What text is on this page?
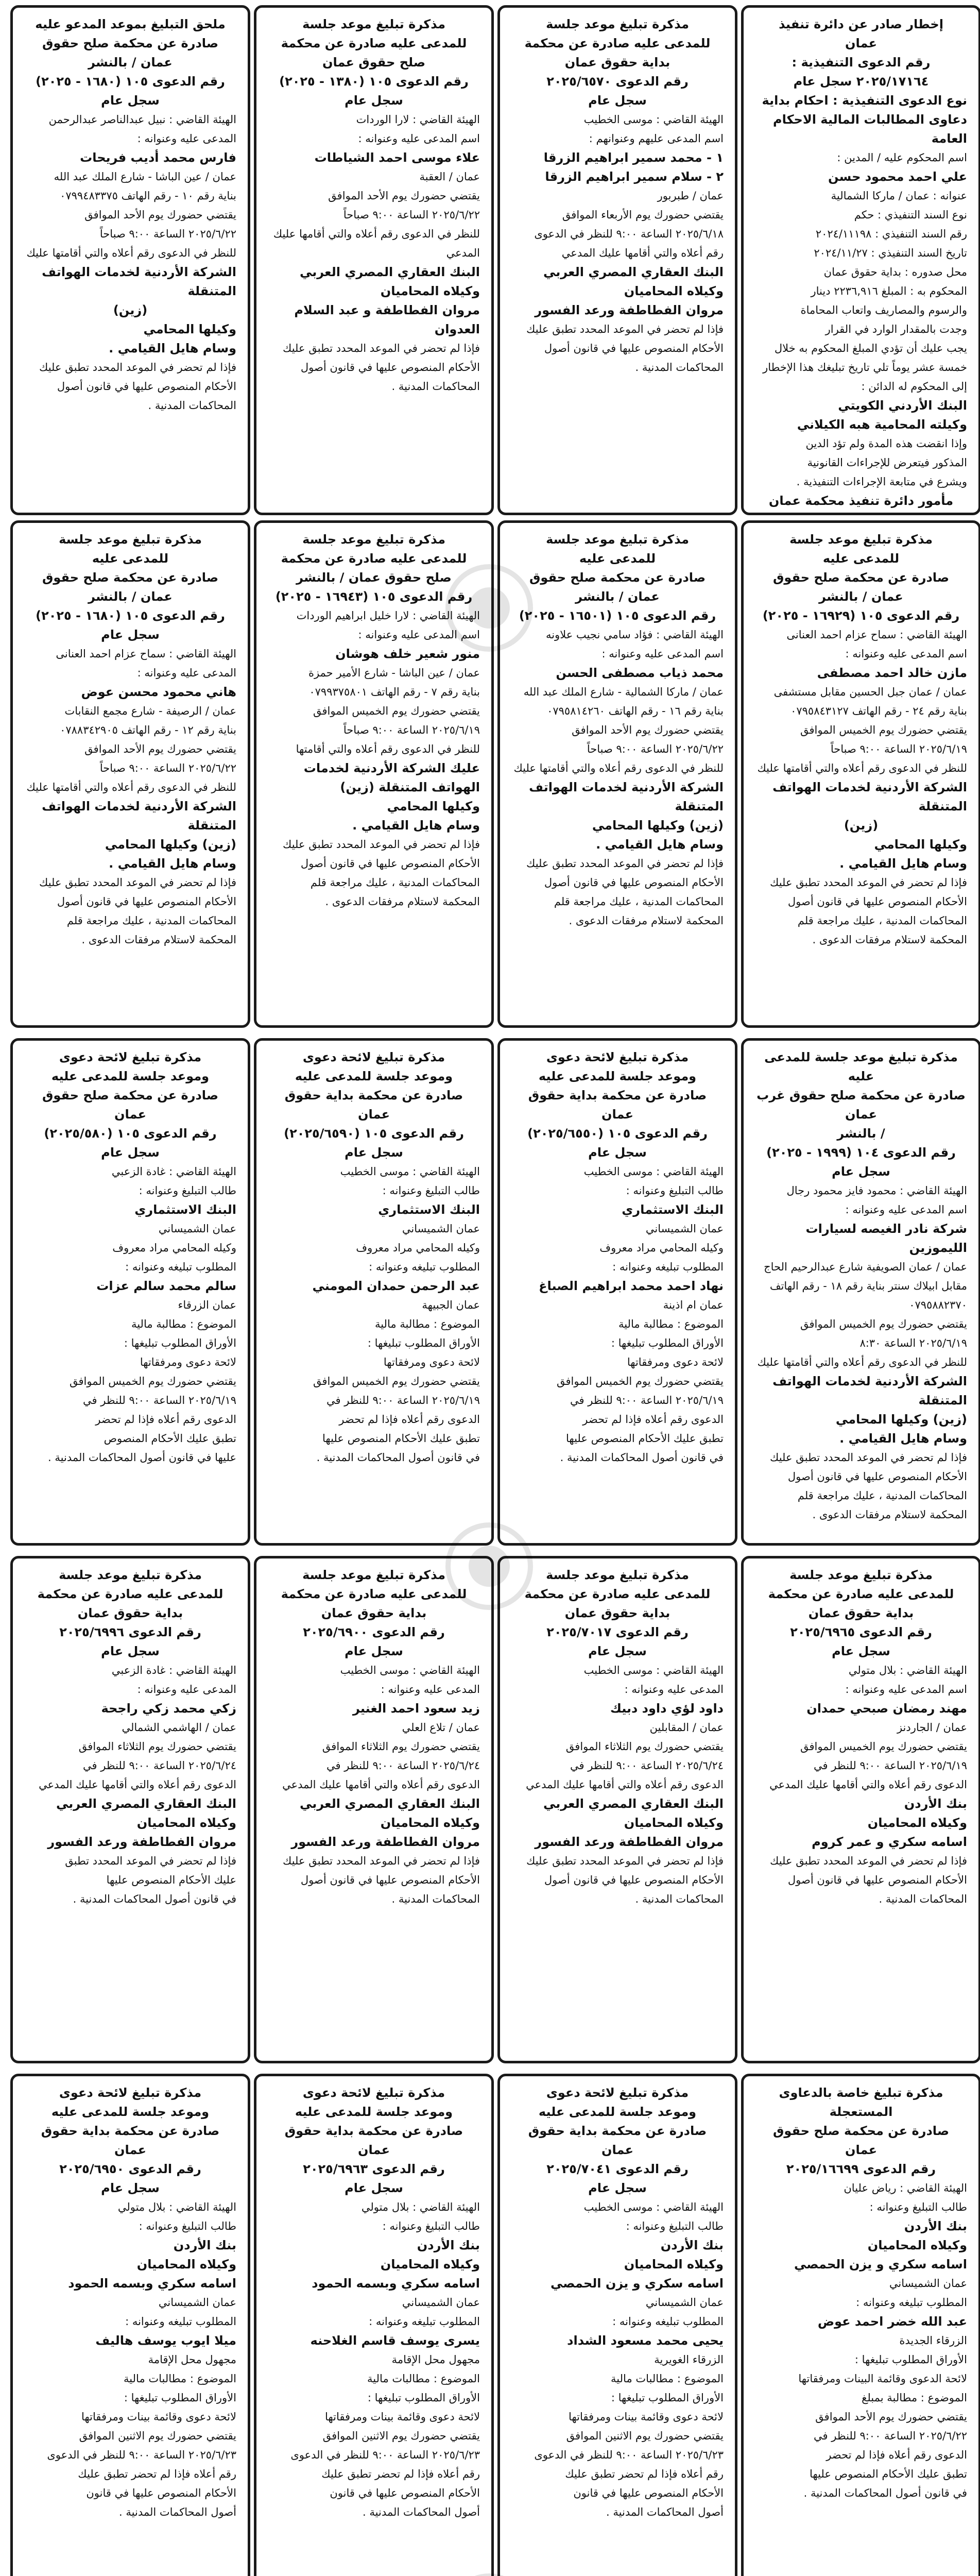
ملحق التبليغ بموعد المدعو عليه
صادرة عن محكمة صلح حقوق عمان / بالنشر
رقم الدعوى ١٠٥ (١٦٨٠ - ٢٠٢٥)
سجل عام
الهيئة القاضي : نبيل عبدالناصر عبدالرحمن
المدعى عليه وعنوانه :
فارس محمد أديب فريحات
عمان / عين الباشا - شارع الملك عبد الله
بناية رقم ١٠ - رقم الهاتف ٠٧٩٩٤٨٣٣٧٥
يقتضي حضورك يوم الأحد الموافق
٢٠٢٥/٦/٢٢ الساعة ٩:٠٠ صباحاً
للنظر في الدعوى رقم أعلاه والتي أقامتها عليك
الشركة الأردنية لخدمات الهواتف المتنقلة
(زين)
وكيلها المحامي
وسام هايل القيامي .
فإذا لم تحضر في الموعد المحدد تطبق عليك
الأحكام المنصوص عليها في قانون أصول
المحاكمات المدنية .
مذكرة تبليغ موعد جلسة
للمدعى عليه
صادرة عن محكمة صلح حقوق عمان / بالنشر
رقم الدعوى ١٠٥ (١٦٨٠ - ٢٠٢٥)
سجل عام
الهيئة القاضي : سماح عزام احمد العنانى
المدعى عليه وعنوانه :
هاني محمود محسن عوض
عمان / الرصيفة - شارع مجمع النقابات
بناية رقم ١٢ - رقم الهاتف ٠٧٨٨٣٤٢٩٠٥
يقتضي حضورك يوم الأحد الموافق
٢٠٢٥/٦/٢٢ الساعة ٩:٠٠ صباحاً
للنظر في الدعوى رقم أعلاه والتي أقامتها عليك
الشركة الأردنية لخدمات الهواتف المتنقلة
(زين) وكيلها المحامي
وسام هايل القيامي .
فإذا لم تحضر في الموعد المحدد تطبق عليك
الأحكام المنصوص عليها في قانون أصول
المحاكمات المدنية ، عليك مراجعة قلم
المحكمة لاستلام مرفقات الدعوى .
مذكرة تبليغ لائحة دعوى
وموعد جلسة للمدعى عليه
صادرة عن محكمة صلح حقوق عمان
رقم الدعوى ١٠٥ (٢٠٢٥/٥٨٠)
سجل عام
الهيئة القاضي : غادة الزعبي
طالب التبليغ وعنوانه :
البنك الاستثماري
عمان الشميساني
وكيله المحامي مراد معروف
المطلوب تبليغه وعنوانه :
سالم محمد سالم عزات
عمان الزرقاء
الموضوع : مطالبة مالية
الأوراق المطلوب تبليغها :
لائحة دعوى ومرفقاتها
يقتضي حضورك يوم الخميس الموافق
٢٠٢٥/٦/١٩ الساعة ٩:٠٠ للنظر في
الدعوى رقم أعلاه فإذا لم تحضر
تطبق عليك الأحكام المنصوص
عليها في قانون أصول المحاكمات المدنية .
مذكرة تبليغ موعد جلسة
للمدعى عليه صادرة عن محكمة
بداية حقوق عمان
رقم الدعوى ٢٠٢٥/٦٩٩٦
سجل عام
الهيئة القاضي : غادة الزعبي
المدعى عليه وعنوانه :
زكي محمد زكي راجحة
عمان / الهاشمي الشمالي
يقتضي حضورك يوم الثلاثاء الموافق
٢٠٢٥/٦/٢٤ الساعة ٩:٠٠ للنظر في
الدعوى رقم أعلاه والتي أقامها عليك المدعي
البنك العقاري المصري العربي
وكيلاه المحاميان
مروان الفطاطفة ورعد الفسور
فإذا لم تحضر في الموعد المحدد تطبق
عليك الأحكام المنصوص عليها
في قانون أصول المحاكمات المدنية .
مذكرة تبليغ لائحة دعوى
وموعد جلسة للمدعى عليه
صادرة عن محكمة بداية حقوق عمان
رقم الدعوى ٢٠٢٥/٦٩٥٠
سجل عام
الهيئة القاضي : بلال متولي
طالب التبليغ وعنوانه :
بنك الأردن
وكيلاه المحاميان
اسامه سكري وبسمه الحمود
عمان الشميساني
المطلوب تبليغه وعنوانه :
ميلا ايوب يوسف هاليف
مجهول محل الإقامة
الموضوع : مطالبات مالية
الأوراق المطلوب تبليغها :
لائحة دعوى وقائمة بينات ومرفقاتها
يقتضي حضورك يوم الاثنين الموافق
٢٠٢٥/٦/٢٣ الساعة ٩:٠٠ للنظر في الدعوى
رقم أعلاه فإذا لم تحضر تطبق عليك
الأحكام المنصوص عليها في قانون
أصول المحاكمات المدنية .
مذكرة تبليغ موعد جلسة
للمدعى عليه صادرة عن محكمة
صلح حقوق عمان
رقم الدعوى ١٠٥ (١٣٨٠ - ٢٠٢٥)
سجل عام
الهيئة القاضي : لارا الوردات
اسم المدعى عليه وعنوانه :
علاء موسى احمد الشياطات
عمان / العقبة
يقتضي حضورك يوم الأحد الموافق
٢٠٢٥/٦/٢٢ الساعة ٩:٠٠ صباحاً
للنظر في الدعوى رقم أعلاه والتي أقامها عليك المدعي
البنك العقاري المصري العربي
وكيلاه المحاميان
مروان الفطاطفة و عبد السلام العدوان
فإذا لم تحضر في الموعد المحدد تطبق عليك
الأحكام المنصوص عليها في قانون أصول
المحاكمات المدنية .
مذكرة تبليغ موعد جلسة
للمدعى عليه صادرة عن محكمة
صلح حقوق عمان / بالنشر
رقم الدعوى ١٠٥ (١٦٩٤٣ - ٢٠٢٥)
الهيئة القاضي : لارا خليل ابراهيم الوردات
اسم المدعى عليه وعنوانه :
منور شعير خلف هوشان
عمان / عين الباشا - شارع الأمير حمزة
بناية رقم ٧ - رقم الهاتف ٠٧٩٩٣٧٥٨٠١
يقتضي حضورك يوم الخميس الموافق
٢٠٢٥/٦/١٩ الساعة ٩:٠٠ صباحاً
للنظر في الدعوى رقم أعلاه والتي أقامتها
عليك الشركة الأردنية لخدمات
الهواتف المتنقلة (زين)
وكيلها المحامي
وسام هايل القيامي .
فإذا لم تحضر في الموعد المحدد تطبق عليك
الأحكام المنصوص عليها في قانون أصول
المحاكمات المدنية ، عليك مراجعة قلم
المحكمة لاستلام مرفقات الدعوى .
مذكرة تبليغ لائحة دعوى
وموعد جلسة للمدعى عليه
صادرة عن محكمة بداية حقوق عمان
رقم الدعوى ١٠٥ (٢٠٢٥/٦٥٩٠) سجل عام
الهيئة القاضي : موسى الخطيب
طالب التبليغ وعنوانه :
البنك الاستثماري
عمان الشميساني
وكيله المحامي مراد معروف
المطلوب تبليغه وعنوانه :
عبد الرحمن حمدان المومني
عمان الجبيهة
الموضوع : مطالبة مالية
الأوراق المطلوب تبليغها :
لائحة دعوى ومرفقاتها
يقتضي حضورك يوم الخميس الموافق
٢٠٢٥/٦/١٩ الساعة ٩:٠٠ للنظر في
الدعوى رقم أعلاه فإذا لم تحضر
تطبق عليك الأحكام المنصوص عليها
في قانون أصول المحاكمات المدنية .
مذكرة تبليغ موعد جلسة
للمدعى عليه صادرة عن محكمة
بداية حقوق عمان
رقم الدعوى ٢٠٢٥/٦٩٠٠
سجل عام
الهيئة القاضي : موسى الخطيب
المدعى عليه وعنوانه :
زيد سعود احمد الغنير
عمان / تلاع العلي
يقتضي حضورك يوم الثلاثاء الموافق
٢٠٢٥/٦/٢٤ الساعة ٩:٠٠ للنظر في
الدعوى رقم أعلاه والتي أقامها عليك المدعي
البنك العقاري المصري العربي
وكيلاه المحاميان
مروان الفطاطفة ورعد الفسور
فإذا لم تحضر في الموعد المحدد تطبق عليك
الأحكام المنصوص عليها في قانون أصول
المحاكمات المدنية .
مذكرة تبليغ لائحة دعوى
وموعد جلسة للمدعى عليه
صادرة عن محكمة بداية حقوق عمان
رقم الدعوى ٢٠٢٥/٦٩٦٣
سجل عام
الهيئة القاضي : بلال متولي
طالب التبليغ وعنوانه :
بنك الأردن
وكيلاه المحاميان
اسامه سكري وبسمه الحمود
عمان الشميساني
المطلوب تبليغه وعنوانه :
يسرى يوسف قاسم الغلاحنه
مجهول محل الإقامة
الموضوع : مطالبات مالية
الأوراق المطلوب تبليغها :
لائحة دعوى وقائمة بينات ومرفقاتها
يقتضي حضورك يوم الاثنين الموافق
٢٠٢٥/٦/٢٣ الساعة ٩:٠٠ للنظر في الدعوى
رقم أعلاه فإذا لم تحضر تطبق عليك
الأحكام المنصوص عليها في قانون
أصول المحاكمات المدنية .
مذكرة تبليغ موعد جلسة
للمدعى عليه صادرة عن محكمة
بداية حقوق عمان
رقم الدعوى ٢٠٢٥/٦٥٧٠
سجل عام
الهيئة القاضي : موسى الخطيب
اسم المدعى عليهم وعنوانهم :
١ - محمد سمير ابراهيم الزرقا
٢ - سلام سمير ابراهيم الزرقا
عمان / طبربور
يقتضي حضورك يوم الأربعاء الموافق
٢٠٢٥/٦/١٨ الساعة ٩:٠٠ للنظر في الدعوى
رقم أعلاه والتي أقامها عليك المدعي
البنك العقاري المصري العربي
وكيلاه المحاميان
مروان الفطاطفة ورعد الفسور
فإذا لم تحضر في الموعد المحدد تطبق عليك
الأحكام المنصوص عليها في قانون أصول
المحاكمات المدنية .
مذكرة تبليغ موعد جلسة
للمدعى عليه
صادرة عن محكمة صلح حقوق عمان / بالنشر
رقم الدعوى ١٠٥ (١٦٥٠١ - ٢٠٢٥)
الهيئة القاضي : فؤاد سامي نجيب علاونه
اسم المدعى عليه وعنوانه :
محمد ذياب مصطفى الحسن
عمان / ماركا الشمالية - شارع الملك عبد الله
بناية رقم ١٦ - رقم الهاتف ٠٧٩٥٨١٤٢٦٠
يقتضي حضورك يوم الأحد الموافق
٢٠٢٥/٦/٢٢ الساعة ٩:٠٠ صباحاً
للنظر في الدعوى رقم أعلاه والتي أقامتها عليك
الشركة الأردنية لخدمات الهواتف المتنقلة
(زين) وكيلها المحامي
وسام هايل القيامي .
فإذا لم تحضر في الموعد المحدد تطبق عليك
الأحكام المنصوص عليها في قانون أصول
المحاكمات المدنية ، عليك مراجعة قلم
المحكمة لاستلام مرفقات الدعوى .
مذكرة تبليغ لائحة دعوى
وموعد جلسة للمدعى عليه
صادرة عن محكمة بداية حقوق عمان
رقم الدعوى ١٠٥ (٢٠٢٥/٦٥٥٠) سجل عام
الهيئة القاضي : موسى الخطيب
طالب التبليغ وعنوانه :
البنك الاستثماري
عمان الشميساني
وكيله المحامي مراد معروف
المطلوب تبليغه وعنوانه :
نهاد احمد محمد ابراهيم الصباغ
عمان ام اذينة
الموضوع : مطالبة مالية
الأوراق المطلوب تبليغها :
لائحة دعوى ومرفقاتها
يقتضي حضورك يوم الخميس الموافق
٢٠٢٥/٦/١٩ الساعة ٩:٠٠ للنظر في
الدعوى رقم أعلاه فإذا لم تحضر
تطبق عليك الأحكام المنصوص عليها
في قانون أصول المحاكمات المدنية .
مذكرة تبليغ موعد جلسة
للمدعى عليه صادرة عن محكمة
بداية حقوق عمان
رقم الدعوى ٢٠٢٥/٧٠١٧
سجل عام
الهيئة القاضي : موسى الخطيب
المدعى عليه وعنوانه :
داود لؤي داود دبيك
عمان / المقابلين
يقتضي حضورك يوم الثلاثاء الموافق
٢٠٢٥/٦/٢٤ الساعة ٩:٠٠ للنظر في
الدعوى رقم أعلاه والتي أقامها عليك المدعي
البنك العقاري المصري العربي
وكيلاه المحاميان
مروان الفطاطفة ورعد الفسور
فإذا لم تحضر في الموعد المحدد تطبق عليك
الأحكام المنصوص عليها في قانون أصول
المحاكمات المدنية .
مذكرة تبليغ لائحة دعوى
وموعد جلسة للمدعى عليه
صادرة عن محكمة بداية حقوق عمان
رقم الدعوى ٢٠٢٥/٧٠٤١
سجل عام
الهيئة القاضي : موسى الخطيب
طالب التبليغ وعنوانه :
بنك الأردن
وكيلاه المحاميان
اسامه سكري و يزن الحمصي
عمان الشميساني
المطلوب تبليغه وعنوانه :
يحيى محمد مسعود الشداد
الزرقاء الغويرية
الموضوع : مطالبات مالية
الأوراق المطلوب تبليغها :
لائحة دعوى وقائمة بينات ومرفقاتها
يقتضي حضورك يوم الاثنين الموافق
٢٠٢٥/٦/٢٣ الساعة ٩:٠٠ للنظر في الدعوى
رقم أعلاه فإذا لم تحضر تطبق عليك
الأحكام المنصوص عليها في قانون
أصول المحاكمات المدنية .
إخطار صادر عن دائرة تنفيذ
عمان
رقم الدعوى التنفيذية :
٢٠٢٥/١٧١٦٤ سجل عام
نوع الدعوى التنفيذية : احكام بداية
دعاوى المطالبات المالية الاحكام العامة
اسم المحكوم عليه / المدين :
علي احمد محمود حسن
عنوانه : عمان / ماركا الشمالية
نوع السند التنفيذي : حكم
رقم السند التنفيذي : ٢٠٢٤/١١١٩٨
تاريخ السند التنفيذي : ٢٠٢٤/١١/٢٧
محل صدوره : بداية حقوق عمان
المحكوم به : المبلغ ٢٢٣٦,٩١٦ دينار
والرسوم والمصاريف واتعاب المحاماة
وجدت بالمقدار الوارد في القرار
يجب عليك أن تؤدي المبلغ المحكوم به خلال
خمسة عشر يوماً تلي تاريخ تبليغك هذا الإخطار
إلى المحكوم له الدائن :
البنك الأردني الكويتي
وكيلته المحامية هبه الكيلاني
وإذا انقضت هذه المدة ولم تؤد الدين
المذكور فيتعرض للإجراءات القانونية
ويشرع في متابعة الإجراءات التنفيذية .
مأمور دائرة تنفيذ محكمة عمان
مذكرة تبليغ موعد جلسة
للمدعى عليه
صادرة عن محكمة صلح حقوق عمان / بالنشر
رقم الدعوى ١٠٥ (١٦٩٢٩ - ٢٠٢٥)
الهيئة القاضي : سماح عزام احمد العنانى
اسم المدعى عليه وعنوانه :
مازن خالد احمد مصطفى
عمان / عمان جبل الحسين مقابل مستشفى
بناية رقم ٢٤ - رقم الهاتف ٠٧٩٥٨٤٣١٢٧
يقتضي حضورك يوم الخميس الموافق
٢٠٢٥/٦/١٩ الساعة ٩:٠٠ صباحاً
للنظر في الدعوى رقم أعلاه والتي أقامتها عليك
الشركة الأردنية لخدمات الهواتف المتنقلة
(زين)
وكيلها المحامي
وسام هايل القيامي .
فإذا لم تحضر في الموعد المحدد تطبق عليك
الأحكام المنصوص عليها في قانون أصول
المحاكمات المدنية ، عليك مراجعة قلم
المحكمة لاستلام مرفقات الدعوى .
مذكرة تبليغ موعد جلسة للمدعى
عليه
صادرة عن محكمة صلح حقوق غرب عمان
/ بالنشر
رقم الدعوى ١٠٤ (١٩٩٩ - ٢٠٢٥)
سجل عام
الهيئة القاضي : محمود فايز محمود رجال
اسم المدعى عليه وعنوانه :
شركة نادر الغيصه لسيارات الليموزين
عمان / عمان الصويفية شارع عبدالرحيم الحاج
مقابل ابيلاك سنتر بناية رقم ١٨ - رقم الهاتف
٠٧٩٥٨٨٢٣٧٠
يقتضي حضورك يوم الخميس الموافق
٢٠٢٥/٦/١٩ الساعة ٨:٣٠
للنظر في الدعوى رقم أعلاه والتي أقامتها عليك
الشركة الأردنية لخدمات الهواتف المتنقلة
(زين) وكيلها المحامي
وسام هايل القيامي .
فإذا لم تحضر في الموعد المحدد تطبق عليك
الأحكام المنصوص عليها في قانون أصول
المحاكمات المدنية ، عليك مراجعة قلم
المحكمة لاستلام مرفقات الدعوى .
مذكرة تبليغ موعد جلسة
للمدعى عليه صادرة عن محكمة
بداية حقوق عمان
رقم الدعوى ٢٠٢٥/٦٩٦٥
سجل عام
الهيئة القاضي : بلال متولي
اسم المدعى عليه وعنوانه :
مهند رمضان صبحي حمدان
عمان / الجاردنز
يقتضي حضورك يوم الخميس الموافق
٢٠٢٥/٦/١٩ الساعة ٩:٠٠ للنظر في
الدعوى رقم أعلاه والتي أقامها عليك المدعي
بنك الأردن
وكيلاه المحاميان
اسامه سكري و عمر كروم
فإذا لم تحضر في الموعد المحدد تطبق عليك
الأحكام المنصوص عليها في قانون أصول
المحاكمات المدنية .
مذكرة تبليغ خاصة بالدعاوى
المستعجلة
صادرة عن محكمة صلح حقوق عمان
رقم الدعوى ٢٠٢٥/١٦٦٩٩
الهيئة القاضي : رياض عليان
طالب التبليغ وعنوانه :
بنك الأردن
وكيلاه المحاميان
اسامه سكري و يزن الحمصي
عمان الشميساني
المطلوب تبليغه وعنوانه :
عبد الله خضر احمد عوض
الزرقاء الجديدة
الأوراق المطلوب تبليغها :
لائحة الدعوى وقائمة البينات ومرفقاتها
الموضوع : مطالبة بمبلغ
يقتضي حضورك يوم الأحد الموافق
٢٠٢٥/٦/٢٢ الساعة ٩:٠٠ للنظر في
الدعوى رقم أعلاه فإذا لم تحضر
تطبق عليك الأحكام المنصوص عليها
في قانون أصول المحاكمات المدنية .
